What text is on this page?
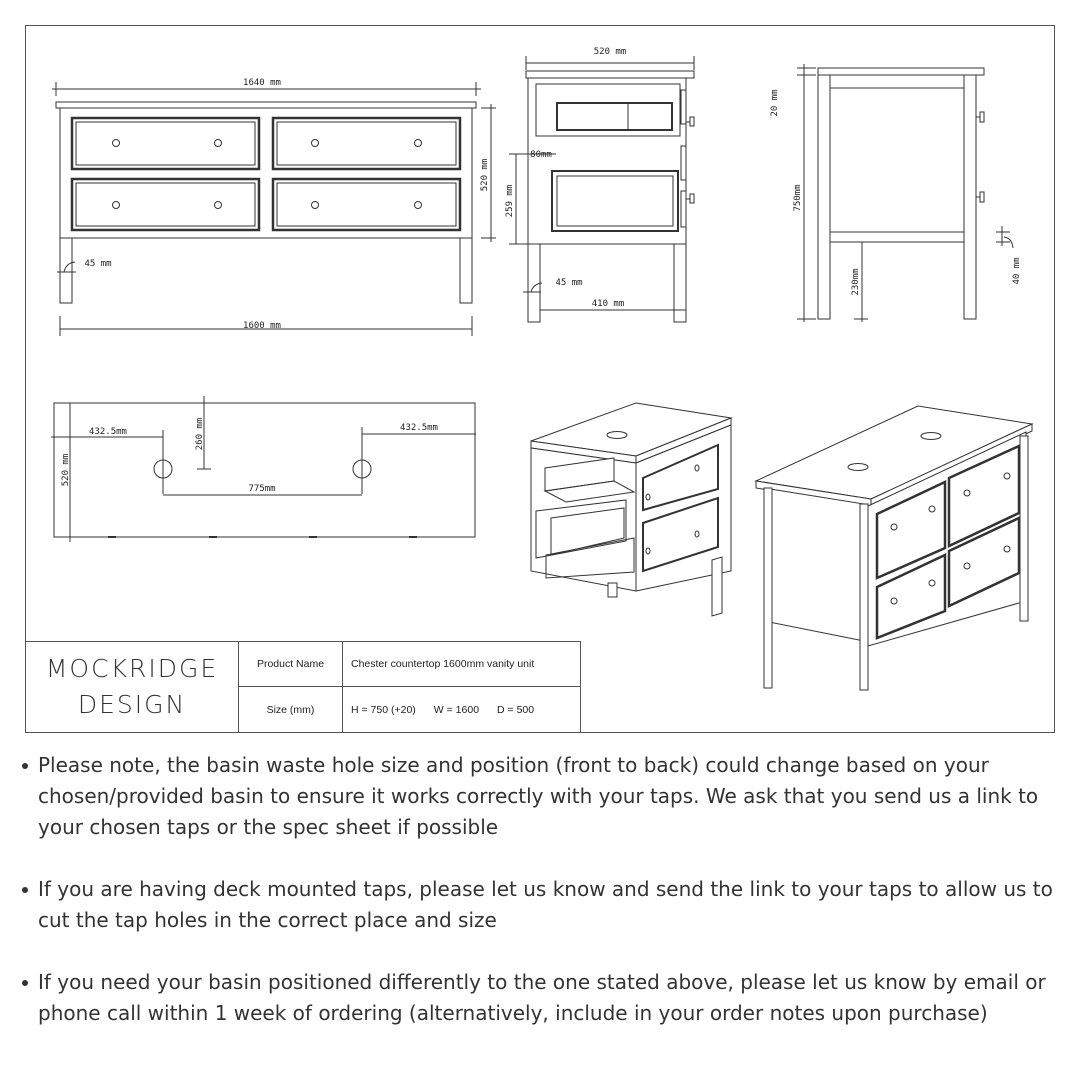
1640 mm
1600 mm
520 mm
45 mm
520 mm
80mm
259 mm
45 mm
410 mm
20 mm
750mm
230mm	40 mm
520 mm
432.5mm	432.5mm
260 mm
775mm
MOCKRIDGE
DESIGN
Product Name	Chester countertop 1600mm vanity unit
Size (mm)	H = 750 (+20) W = 1600 D = 500
Please note, the basin waste hole size and position (front to back) could change based on your chosen/provided basin to ensure it works correctly with your taps. We ask that you send us a link to your chosen taps or the spec sheet if possible
If you are having deck mounted taps, please let us know and send the link to your taps to allow us to cut the tap holes in the correct place and size
If you need your basin positioned differently to the one stated above, please let us know by email or phone call within 1 week of ordering (alternatively, include in your order notes upon purchase)
